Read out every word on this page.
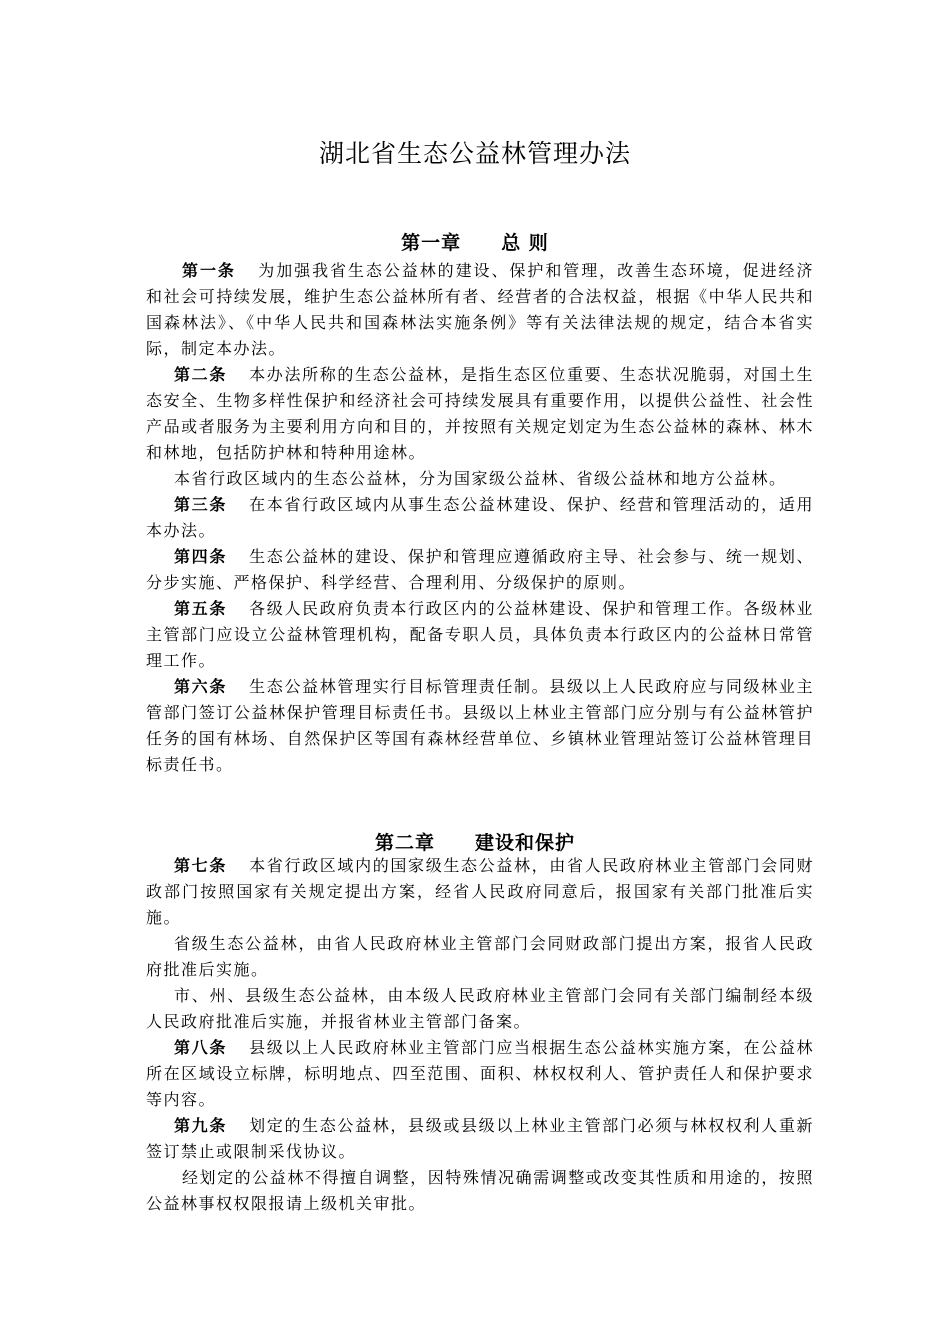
湖北省生态公益林管理办法
第一章 总 则

第一条 为加强我省生态公益林的建设、保护和管理，改善生态环境，促进经济和社会可持续发展，维护生态公益林所有者、经营者的合法权益，根据《中华人民共和国森林法》、《中华人民共和国森林法实施条例》等有关法律法规的规定，结合本省实际，制定本办法。

第二条 本办法所称的生态公益林，是指生态区位重要、生态状况脆弱，对国土生态安全、生物多样性保护和经济社会可持续发展具有重要作用，以提供公益性、社会性产品或者服务为主要利用方向和目的，并按照有关规定划定为生态公益林的森林、林木和林地，包括防护林和特种用途林。

本省行政区域内的生态公益林，分为国家级公益林、省级公益林和地方公益林。

第三条 在本省行政区域内从事生态公益林建设、保护、经营和管理活动的，适用本办法。

第四条 生态公益林的建设、保护和管理应遵循政府主导、社会参与、统一规划、分步实施、严格保护、科学经营、合理利用、分级保护的原则。

第五条 各级人民政府负责本行政区内的公益林建设、保护和管理工作。各级林业主管部门应设立公益林管理机构，配备专职人员，具体负责本行政区内的公益林日常管理工作。

第六条 生态公益林管理实行目标管理责任制。县级以上人民政府应与同级林业主管部门签订公益林保护管理目标责任书。县级以上林业主管部门应分别与有公益林管护任务的国有林场、自然保护区等国有森林经营单位、乡镇林业管理站签订公益林管理目标责任书。

第二章 建设和保护

第七条 本省行政区域内的国家级生态公益林，由省人民政府林业主管部门会同财政部门按照国家有关规定提出方案，经省人民政府同意后，报国家有关部门批准后实施。

省级生态公益林，由省人民政府林业主管部门会同财政部门提出方案，报省人民政府批准后实施。

市、州、县级生态公益林，由本级人民政府林业主管部门会同有关部门编制经本级人民政府批准后实施，并报省林业主管部门备案。

第八条 县级以上人民政府林业主管部门应当根据生态公益林实施方案，在公益林所在区域设立标牌，标明地点、四至范围、面积、林权权利人、管护责任人和保护要求等内容。

第九条 划定的生态公益林，县级或县级以上林业主管部门必须与林权权利人重新签订禁止或限制采伐协议。

经划定的公益林不得擅自调整，因特殊情况确需调整或改变其性质和用途的，按照公益林事权权限报请上级机关审批。
